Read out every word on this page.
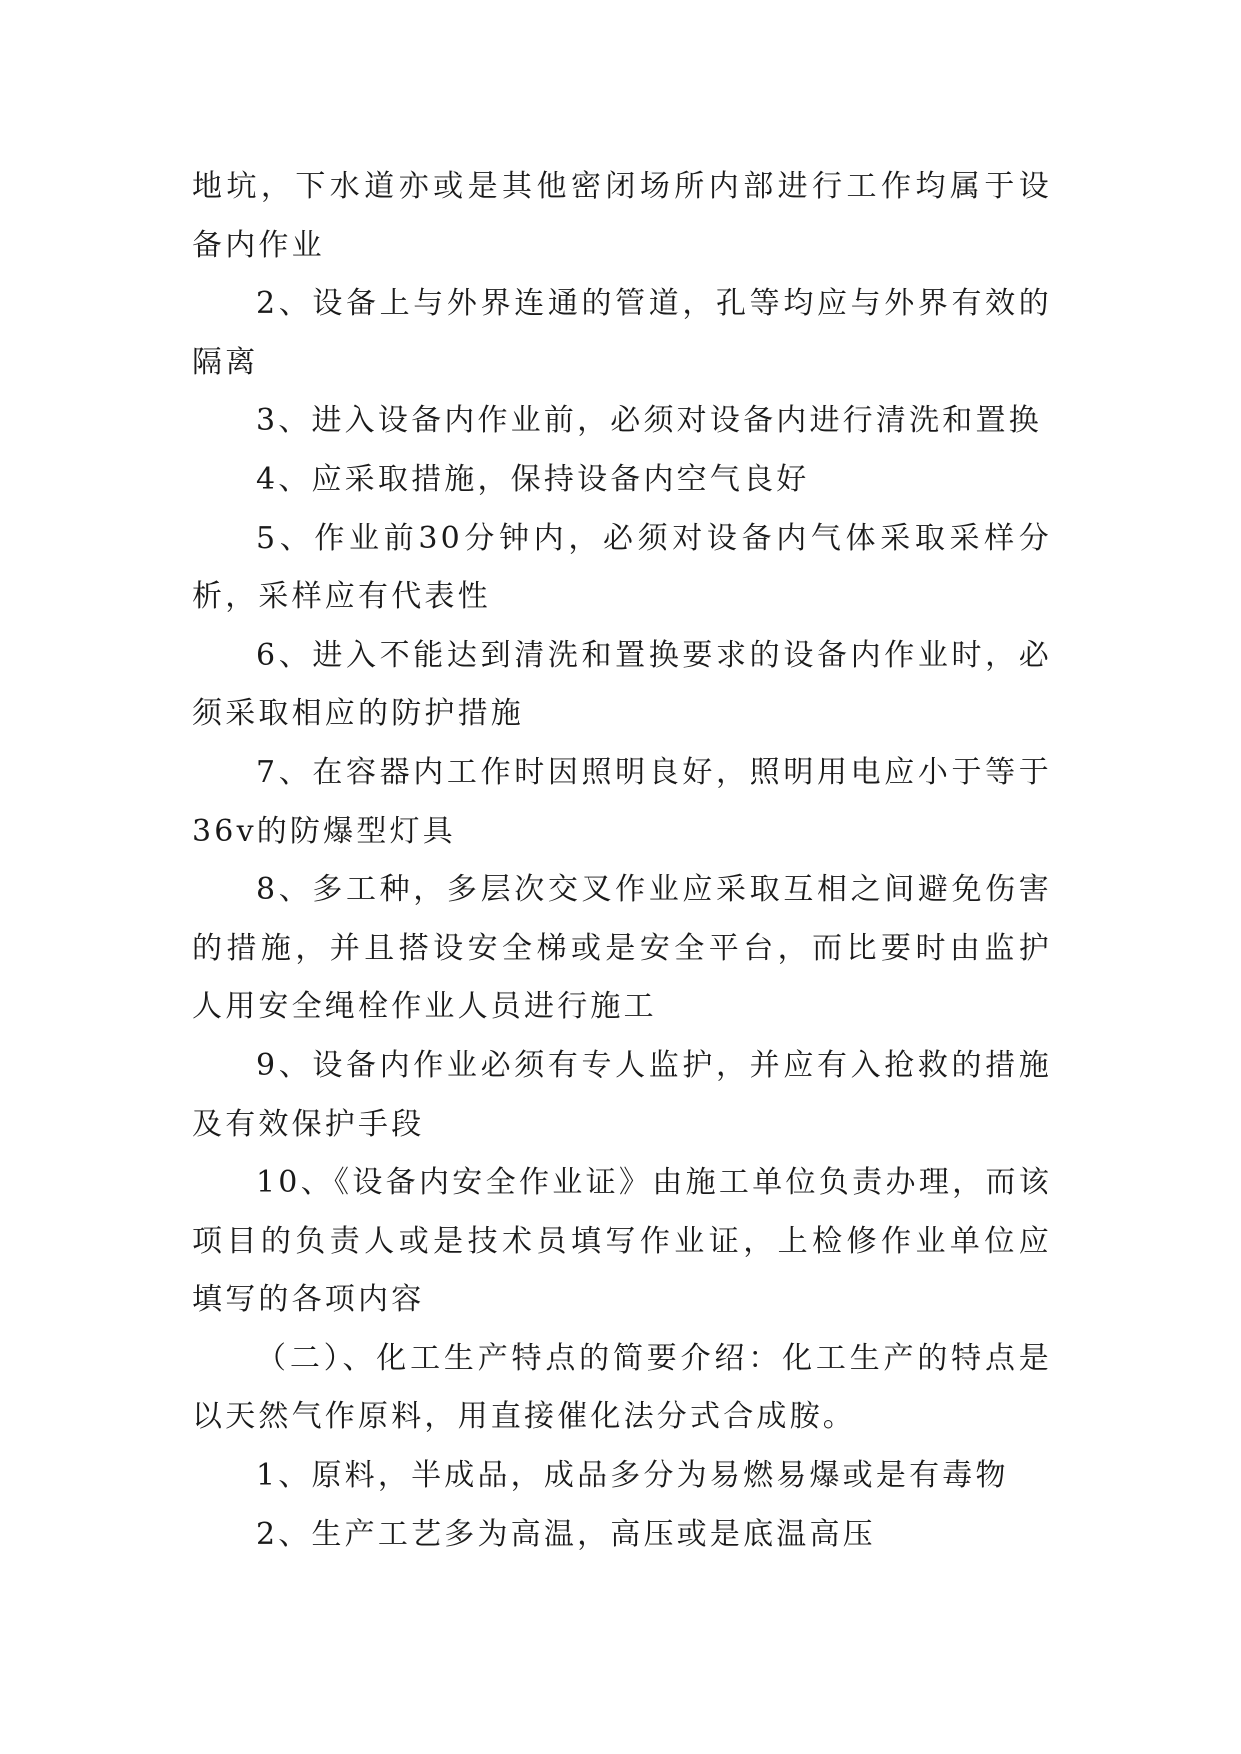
地坑，下水道亦或是其他密闭场所内部进行工作均属于设备内作业

2、设备上与外界连通的管道，孔等均应与外界有效的隔离

3、进入设备内作业前，必须对设备内进行清洗和置换

4、应采取措施，保持设备内空气良好

5、作业前30分钟内，必须对设备内气体采取采样分析，采样应有代表性

6、进入不能达到清洗和置换要求的设备内作业时，必须采取相应的防护措施

7、在容器内工作时因照明良好，照明用电应小于等于36v的防爆型灯具

8、多工种，多层次交叉作业应采取互相之间避免伤害的措施，并且搭设安全梯或是安全平台，而比要时由监护人用安全绳栓作业人员进行施工

9、设备内作业必须有专人监护，并应有入抢救的措施及有效保护手段

10、《设备内安全作业证》由施工单位负责办理，而该项目的负责人或是技术员填写作业证，上检修作业单位应填写的各项内容

（二）、化工生产特点的简要介绍：化工生产的特点是以天然气作原料，用直接催化法分式合成胺。

1、原料，半成品，成品多分为易燃易爆或是有毒物

2、生产工艺多为高温，高压或是底温高压
